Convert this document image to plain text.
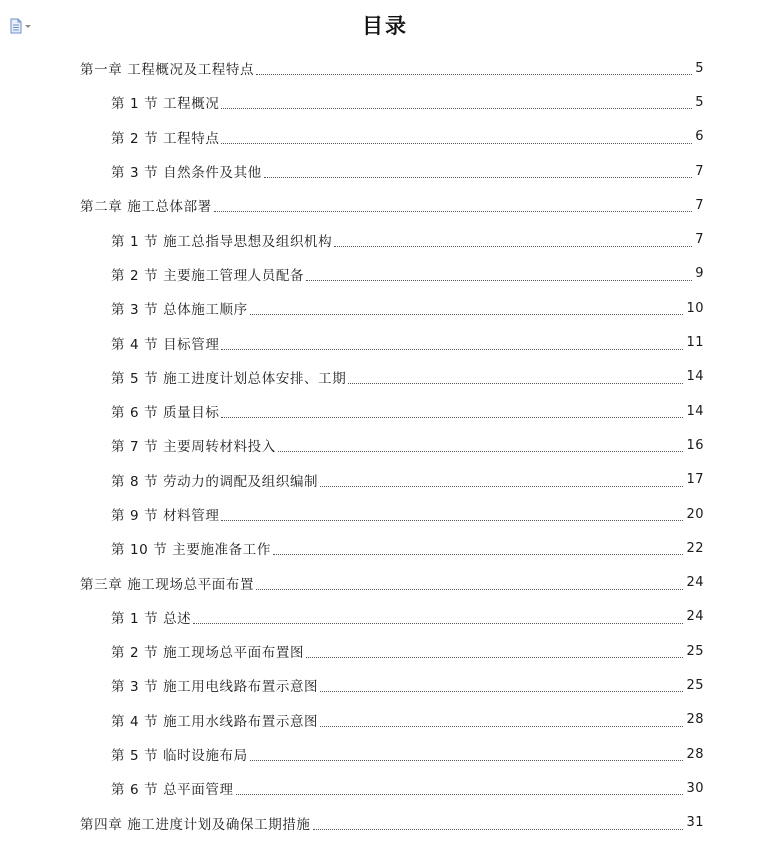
目录
第一章 工程概况及工程特点	5
第 1 节 工程概况	5
第 2 节 工程特点	6
第 3 节 自然条件及其他	7
第二章 施工总体部署	7
第 1 节 施工总指导思想及组织机构	7
第 2 节 主要施工管理人员配备	9
第 3 节 总体施工顺序	10
第 4 节 目标管理	11
第 5 节 施工进度计划总体安排、工期	14
第 6 节 质量目标	14
第 7 节 主要周转材料投入	16
第 8 节 劳动力的调配及组织编制	17
第 9 节 材料管理	20
第 10 节 主要施准备工作	22
第三章 施工现场总平面布置	24
第 1 节 总述	24
第 2 节 施工现场总平面布置图	25
第 3 节 施工用电线路布置示意图	25
第 4 节 施工用水线路布置示意图	28
第 5 节 临时设施布局	28
第 6 节 总平面管理	30
第四章 施工进度计划及确保工期措施	31
